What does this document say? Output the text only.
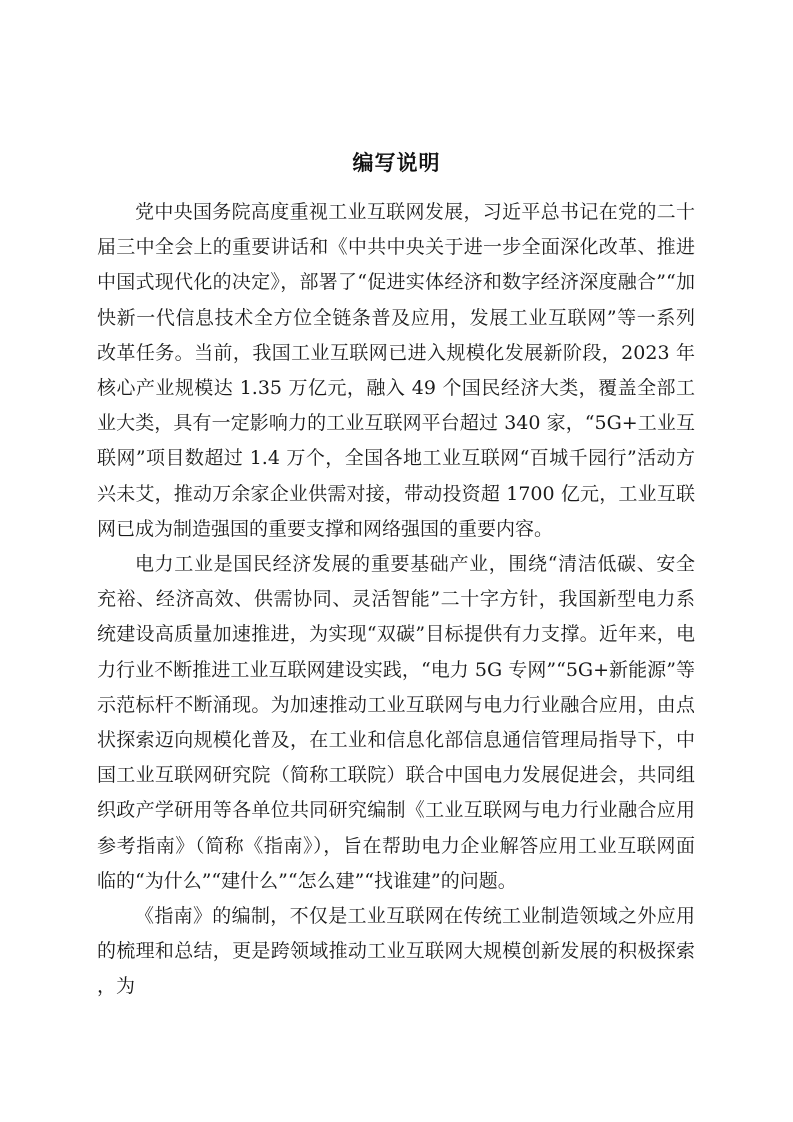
编写说明

党中央国务院高度重视工业互联网发展，习近平总书记在党的二十届三中全会上的重要讲话和《中共中央关于进一步全面深化改革、推进中国式现代化的决定》，部署了“促进实体经济和数字经济深度融合”“加快新一代信息技术全方位全链条普及应用，发展工业互联网”等一系列改革任务。当前，我国工业互联网已进入规模化发展新阶段，2023 年核心产业规模达 1.35 万亿元，融入 49 个国民经济大类，覆盖全部工业大类，具有一定影响力的工业互联网平台超过 340 家，“5G+工业互联网”项目数超过 1.4 万个，全国各地工业互联网“百城千园行”活动方兴未艾，推动万余家企业供需对接，带动投资超 1700 亿元，工业互联网已成为制造强国的重要支撑和网络强国的重要内容。

电力工业是国民经济发展的重要基础产业，围绕“清洁低碳、安全充裕、经济高效、供需协同、灵活智能”二十字方针，我国新型电力系统建设高质量加速推进，为实现“双碳”目标提供有力支撑。近年来，电力行业不断推进工业互联网建设实践，“电力 5G 专网”“5G+新能源”等示范标杆不断涌现。为加速推动工业互联网与电力行业融合应用，由点状探索迈向规模化普及，在工业和信息化部信息通信管理局指导下，中国工业互联网研究院（简称工联院）联合中国电力发展促进会，共同组织政产学研用等各单位共同研究编制《工业互联网与电力行业融合应用参考指南》（简称《指南》），旨在帮助电力企业解答应用工业互联网面临的“为什么”“建什么”“怎么建”“找谁建”的问题。

《指南》的编制，不仅是工业互联网在传统工业制造领域之外应用的梳理和总结，更是跨领域推动工业互联网大规模创新发展的积极探索，为
